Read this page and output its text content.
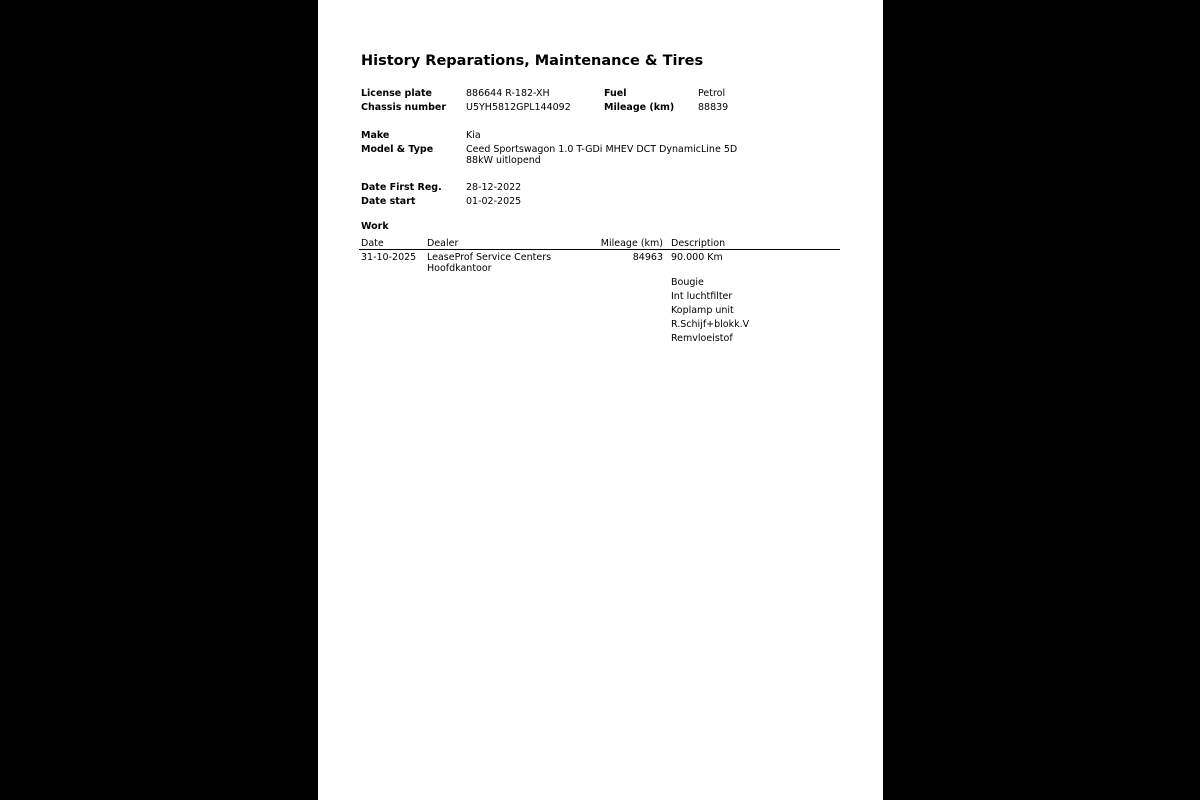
History Reparations, Maintenance & Tires
License plate	886644 R-182-XH	Fuel	Petrol
Chassis number U5YH5812GPL144092	Mileage (km) 88839
Make	Kia
Model & Type	Ceed Sportswagon 1.0 T-GDi MHEV DCT DynamicLine 5D 88kW uitlopend
Date First Reg.	28-12-2022
Date start	01-02-2025
Work
Date	Dealer	Mileage (km) Description
31-10-2025 LeaseProf Service Centers
Hoofdkantoor
84963 90.000 Km
Bougie
Int luchtfilter
Koplamp unit
R.Schijf+blokk.V
Remvloeistof
